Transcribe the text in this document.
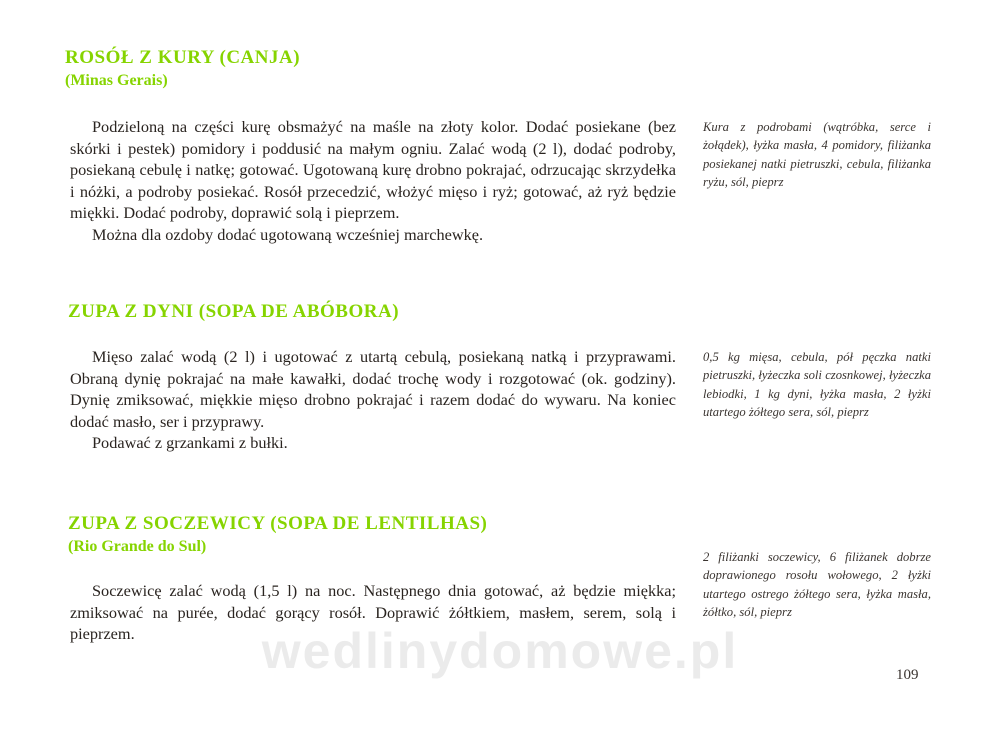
ROSÓŁ Z KURY (CANJA)
(Minas Gerais)

Podzieloną na części kurę obsmażyć na maśle na złoty kolor. Dodać posiekane (bez skórki i pestek) pomidory i poddusić na małym ogniu. Zalać wodą (2 l), dodać podroby, posiekaną cebulę i natkę; gotować. Ugotowaną kurę drobno pokrajać, odrzucając skrzydełka i nóżki, a podroby posiekać. Rosół przecedzić, włożyć mięso i ryż; gotować, aż ryż będzie miękki. Dodać podroby, doprawić solą i pieprzem.

Można dla ozdoby dodać ugotowaną wcześniej marchewkę.

Kura z podrobami (wątróbka, serce i żołądek), łyżka masła, 4 pomidory, filiżanka posiekanej natki pietruszki, cebula, filiżanka ryżu, sól, pieprz
ZUPA Z DYNI (SOPA DE ABÓBORA)

Mięso zalać wodą (2 l) i ugotować z utartą cebulą, posiekaną natką i przyprawami. Obraną dynię pokrajać na małe kawałki, dodać trochę wody i rozgotować (ok. godziny). Dynię zmiksować, miękkie mięso drobno pokrajać i razem dodać do wywaru. Na koniec dodać masło, ser i przyprawy.

Podawać z grzankami z bułki.

0,5 kg mięsa, cebula, pół pęczka natki pietruszki, łyżeczka soli czosnkowej, łyżeczka lebiodki, 1 kg dyni, łyżka masła, 2 łyżki utartego żółtego sera, sól, pieprz
ZUPA Z SOCZEWICY (SOPA DE LENTILHAS)
(Rio Grande do Sul)

Soczewicę zalać wodą (1,5 l) na noc. Następnego dnia gotować, aż będzie miękka; zmiksować na purée, dodać gorący rosół. Doprawić żółtkiem, masłem, serem, solą i pieprzem.

2 filiżanki soczewicy, 6 filiżanek dobrze doprawionego rosołu wołowego, 2 łyżki utartego ostrego żółtego sera, łyżka masła, żółtko, sól, pieprz
109
wedlinydomowe.pl
